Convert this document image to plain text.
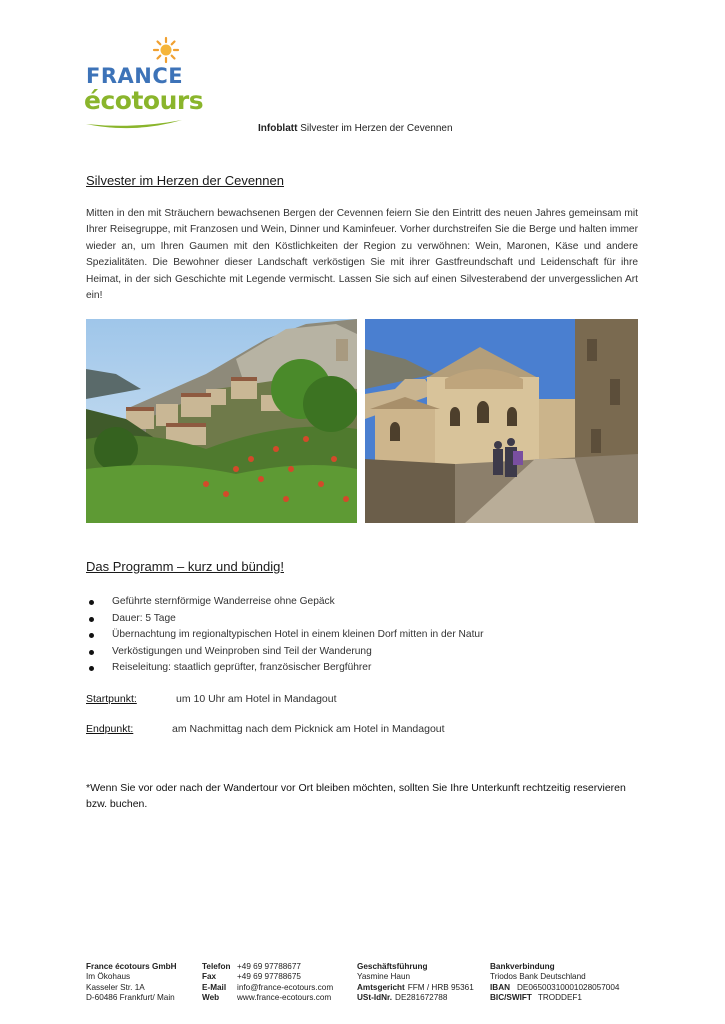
FRANCE
écotours
Infoblatt Silvester im Herzen der Cevennen
Silvester im Herzen der Cevennen

Mitten in den mit Sträuchern bewachsenen Bergen der Cevennen feiern Sie den Eintritt des neuen Jahres gemeinsam mit Ihrer Reisegruppe, mit Franzosen und Wein, Dinner und Kaminfeuer. Vorher durchstreifen Sie die Berge und halten immer wieder an, um Ihren Gaumen mit den Köstlichkeiten der Region zu verwöhnen: Wein, Maronen, Käse und andere Spezialitäten. Die Bewohner dieser Landschaft verköstigen Sie mit ihrer Gastfreundschaft und Leidenschaft für ihre Heimat, in der sich Geschichte mit Legende vermischt. Lassen Sie sich auf einen Silvesterabend der unvergesslichen Art ein!

Das Programm – kurz und bündig!
Geführte sternförmige Wanderreise ohne Gepäck
Dauer: 5 Tage
Übernachtung im regionaltypischen Hotel in einem kleinen Dorf mitten in der Natur
Verköstigungen und Weinproben sind Teil der Wanderung
Reiseleitung: staatlich geprüfter, französischer Bergführer
Startpunkt:	um 10 Uhr am Hotel in Mandagout
Endpunkt:	am Nachmittag nach dem Picknick am Hotel in Mandagout

*Wenn Sie vor oder nach der Wandertour vor Ort bleiben möchten, sollten Sie Ihre Unterkunft rechtzeitig reservieren bzw. buchen.

France écotours GmbH
Im Ökohaus
Kasseler Str. 1A
D-60486 Frankfurt/ Main
Telefon +49 69 97788677
Fax	+49 69 97788675
E-Mail	info@france-ecotours.com
Web	www.france-ecotours.com
Geschäftsführung
Yasmine Haun
Amtsgericht FFM / HRB 95361
USt-IdNr. DE281672788
Bankverbindung
Triodos Bank Deutschland
IBAN DE06500310001028057004
BIC/SWIFT TRODDEF1
